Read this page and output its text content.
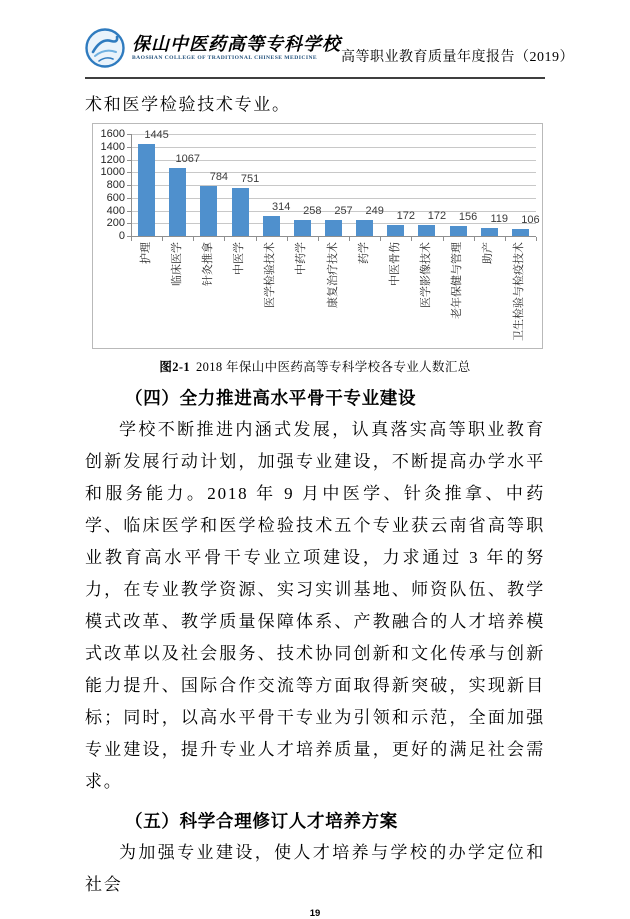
保山中医药高等专科学校
BAOSHAN COLLEGE OF TRADITIONAL CHINESE MEDICINE	高等职业教育质量年度报告（2019）
术和医学检验技术专业。
0
200
400
600
800
1000
1200
1400
1600 1445
护理
1067
临床医学
784
针灸推拿
751
中医学
314
医学检验技术
258
中药学
257
康复治疗技术
249
药学
172
中医骨伤
172
医学影像技术
156
老年保健与管理
119
助产
106
卫生检验与检疫技术
图2-1 2018 年保山中医药高等专科学校各专业人数汇总
（四）全力推进高水平骨干专业建设

学校不断推进内涵式发展，认真落实高等职业教育创新发展行动计划，加强专业建设，不断提高办学水平和服务能力。2018 年 9 月中医学、针灸推拿、中药学、临床医学和医学检验技术五个专业获云南省高等职业教育高水平骨干专业立项建设，力求通过 3 年的努力，在专业教学资源、实习实训基地、师资队伍、教学模式改革、教学质量保障体系、产教融合的人才培养模式改革以及社会服务、技术协同创新和文化传承与创新能力提升、国际合作交流等方面取得新突破，实现新目标；同时，以高水平骨干专业为引领和示范，全面加强专业建设，提升专业人才培养质量，更好的满足社会需求。

（五）科学合理修订人才培养方案

为加强专业建设，使人才培养与学校的办学定位和社会

19
